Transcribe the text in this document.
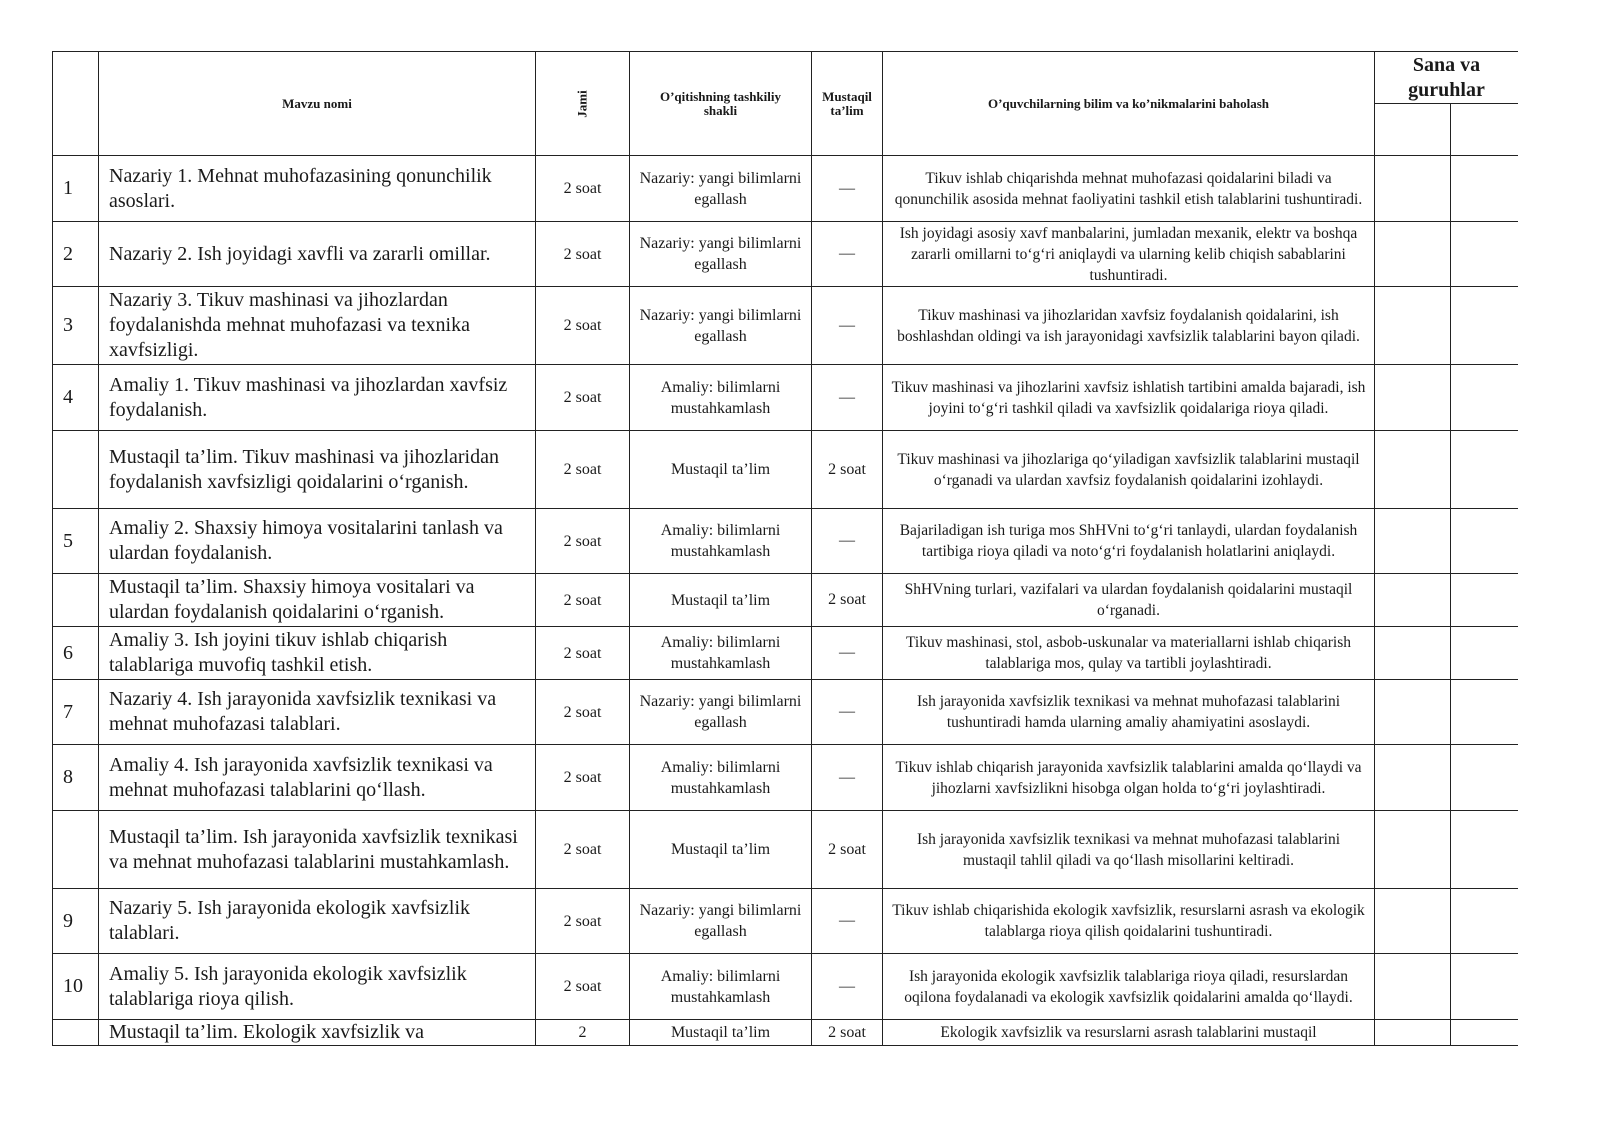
	Mavzu nomi	Jami	O’qitishning tashkiliy shakli	Mustaqil ta’lim	O’quvchilarning bilim va ko’nikmalarini baholash	Sana va guruhlar	

1	Nazariy 1. Mehnat muhofazasining qonunchilik asoslari.	2 soat	Nazariy: yangi bilimlarni egallash	—	Tikuv ishlab chiqarishda mehnat muhofazasi qoidalarini biladi va qonunchilik asosida mehnat faoliyatini tashkil etish talablarini tushuntiradi.		
2	Nazariy 2. Ish joyidagi xavfli va zararli omillar.	2 soat	Nazariy: yangi bilimlarni egallash	—	Ish joyidagi asosiy xavf manbalarini, jumladan mexanik, elektr va boshqa zararli omillarni to‘g‘ri aniqlaydi va ularning kelib chiqish sabablarini tushuntiradi.		
3	Nazariy 3. Tikuv mashinasi va jihozlardan foydalanishda mehnat muhofazasi va texnika xavfsizligi.	2 soat	Nazariy: yangi bilimlarni egallash	—	Tikuv mashinasi va jihozlaridan xavfsiz foydalanish qoidalarini, ish boshlashdan oldingi va ish jarayonidagi xavfsizlik talablarini bayon qiladi.		
4	Amaliy 1. Tikuv mashinasi va jihozlardan xavfsiz foydalanish.	2 soat	Amaliy: bilimlarni mustahkamlash	—	Tikuv mashinasi va jihozlarini xavfsiz ishlatish tartibini amalda bajaradi, ish joyini to‘g‘ri tashkil qiladi va xavfsizlik qoidalariga rioya qiladi.		
	Mustaqil ta’lim. Tikuv mashinasi va jihozlaridan foydalanish xavfsizligi qoidalarini o‘rganish.	2 soat	Mustaqil ta’lim	2 soat	Tikuv mashinasi va jihozlariga qo‘yiladigan xavfsizlik talablarini mustaqil o‘rganadi va ulardan xavfsiz foydalanish qoidalarini izohlaydi.		
5	Amaliy 2. Shaxsiy himoya vositalarini tanlash va ulardan foydalanish.	2 soat	Amaliy: bilimlarni mustahkamlash	—	Bajariladigan ish turiga mos ShHVni to‘g‘ri tanlaydi, ulardan foydalanish tartibiga rioya qiladi va noto‘g‘ri foydalanish holatlarini aniqlaydi.		
	Mustaqil ta’lim. Shaxsiy himoya vositalari va ulardan foydalanish qoidalarini o‘rganish.	2 soat	Mustaqil ta’lim	2 soat	ShHVning turlari, vazifalari va ulardan foydalanish qoidalarini mustaqil o‘rganadi.		
6	Amaliy 3. Ish joyini tikuv ishlab chiqarish talablariga muvofiq tashkil etish.	2 soat	Amaliy: bilimlarni mustahkamlash	—	Tikuv mashinasi, stol, asbob-uskunalar va materiallarni ishlab chiqarish talablariga mos, qulay va tartibli joylashtiradi.		
7	Nazariy 4. Ish jarayonida xavfsizlik texnikasi va mehnat muhofazasi talablari.	2 soat	Nazariy: yangi bilimlarni egallash	—	Ish jarayonida xavfsizlik texnikasi va mehnat muhofazasi talablarini tushuntiradi hamda ularning amaliy ahamiyatini asoslaydi.		
8	Amaliy 4. Ish jarayonida xavfsizlik texnikasi va mehnat muhofazasi talablarini qo‘llash.	2 soat	Amaliy: bilimlarni mustahkamlash	—	Tikuv ishlab chiqarish jarayonida xavfsizlik talablarini amalda qo‘llaydi va jihozlarni xavfsizlikni hisobga olgan holda to‘g‘ri joylashtiradi.		
	Mustaqil ta’lim. Ish jarayonida xavfsizlik texnikasi va mehnat muhofazasi talablarini mustahkamlash.	2 soat	Mustaqil ta’lim	2 soat	Ish jarayonida xavfsizlik texnikasi va mehnat muhofazasi talablarini mustaqil tahlil qiladi va qo‘llash misollarini keltiradi.		
9	Nazariy 5. Ish jarayonida ekologik xavfsizlik talablari.	2 soat	Nazariy: yangi bilimlarni egallash	—	Tikuv ishlab chiqarishida ekologik xavfsizlik, resurslarni asrash va ekologik talablarga rioya qilish qoidalarini tushuntiradi.		
10	Amaliy 5. Ish jarayonida ekologik xavfsizlik talablariga rioya qilish.	2 soat	Amaliy: bilimlarni mustahkamlash	—	Ish jarayonida ekologik xavfsizlik talablariga rioya qiladi, resurslardan oqilona foydalanadi va ekologik xavfsizlik qoidalarini amalda qo‘llaydi.		
	Mustaqil ta’lim. Ekologik xavfsizlik va	2	Mustaqil ta’lim	2 soat	Ekologik xavfsizlik va resurslarni asrash talablarini mustaqil		
